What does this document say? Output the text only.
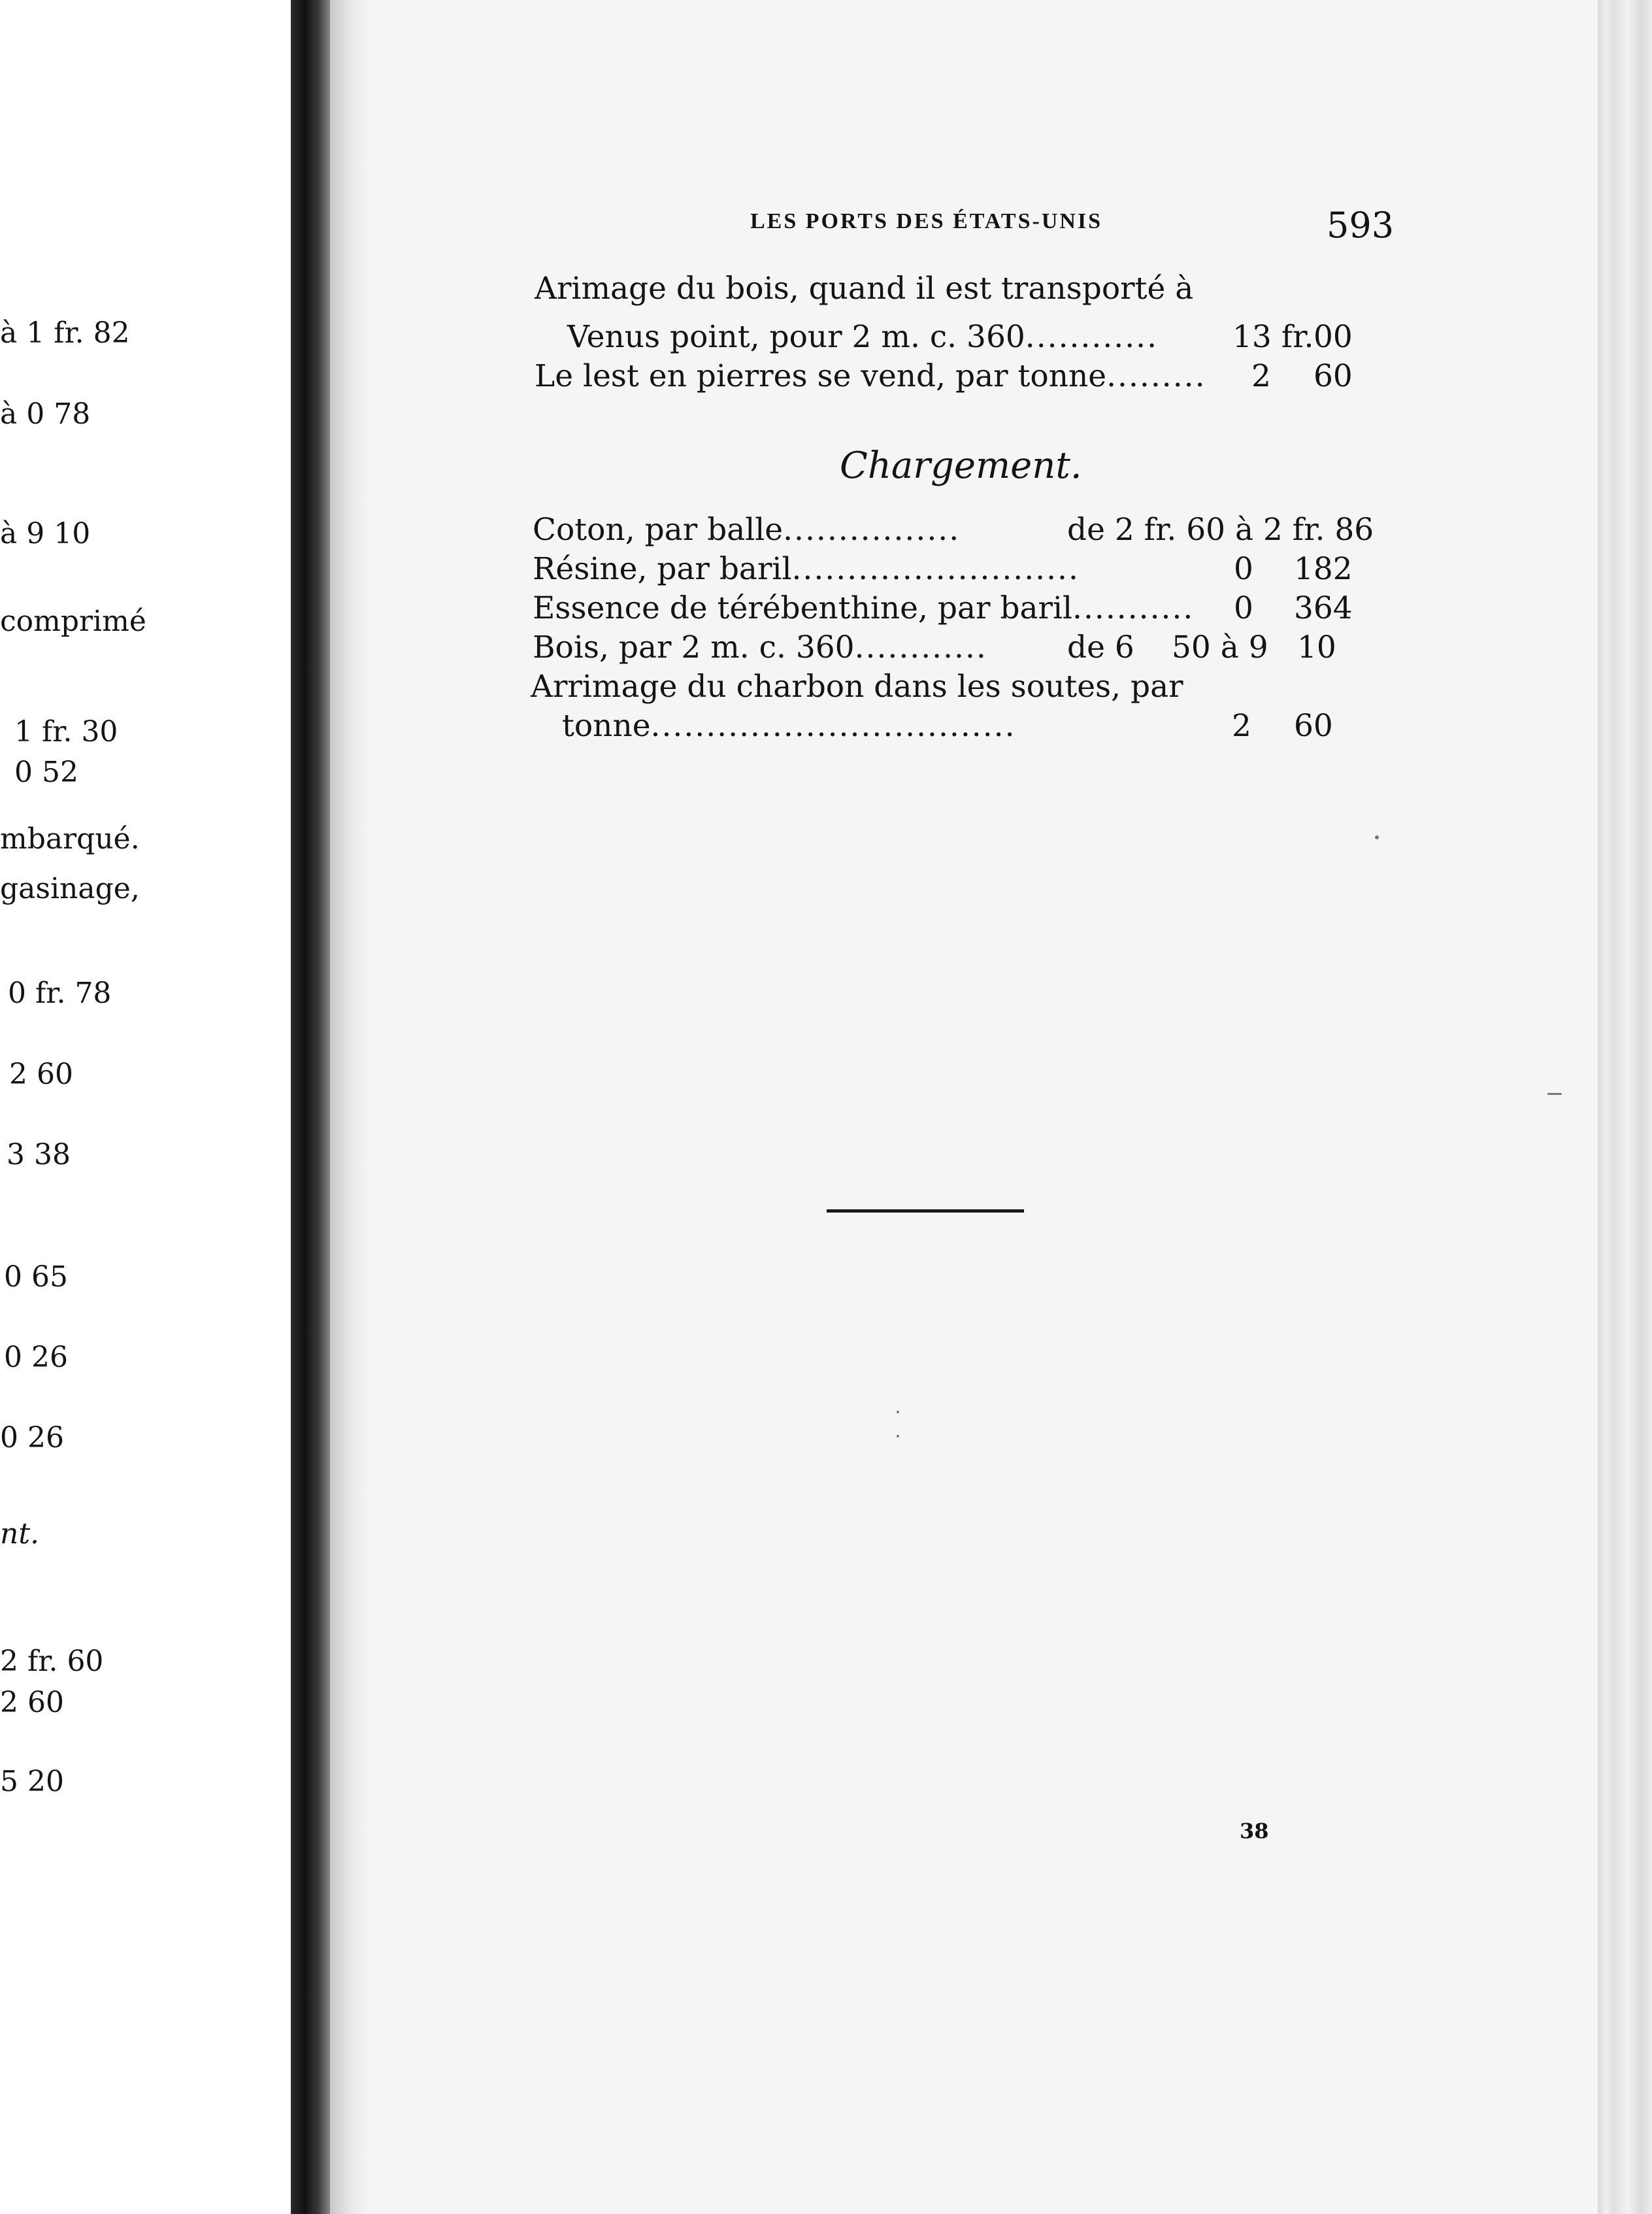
à 1 fr. 82
à 0 78
à 9 10
comprimé
1 fr. 30
0 52
mbarqué.
gasinage,
0 fr. 78
2 60
3 38
0 65
0 26
0 26
nt.
2 fr. 60
2 60
5 20
LES PORTS DES ÉTATS-UNIS	593
Arimage du bois, quand il est transporté à
Venus point, pour 2 m. c. 360............ 13 fr. 00
Le lest en pierres se vend, par tonne......... 2 60
Chargement.
Coton, par balle................	de 2 fr. 60 à 2 fr. 86
Résine, par baril..........................	0 182
Essence de térébenthine, par baril........... 0 364
Bois, par 2 m. c. 360............	de 6 50 à 9 10
Arrimage du charbon dans les soutes, par
tonne.................................	2 60
38
